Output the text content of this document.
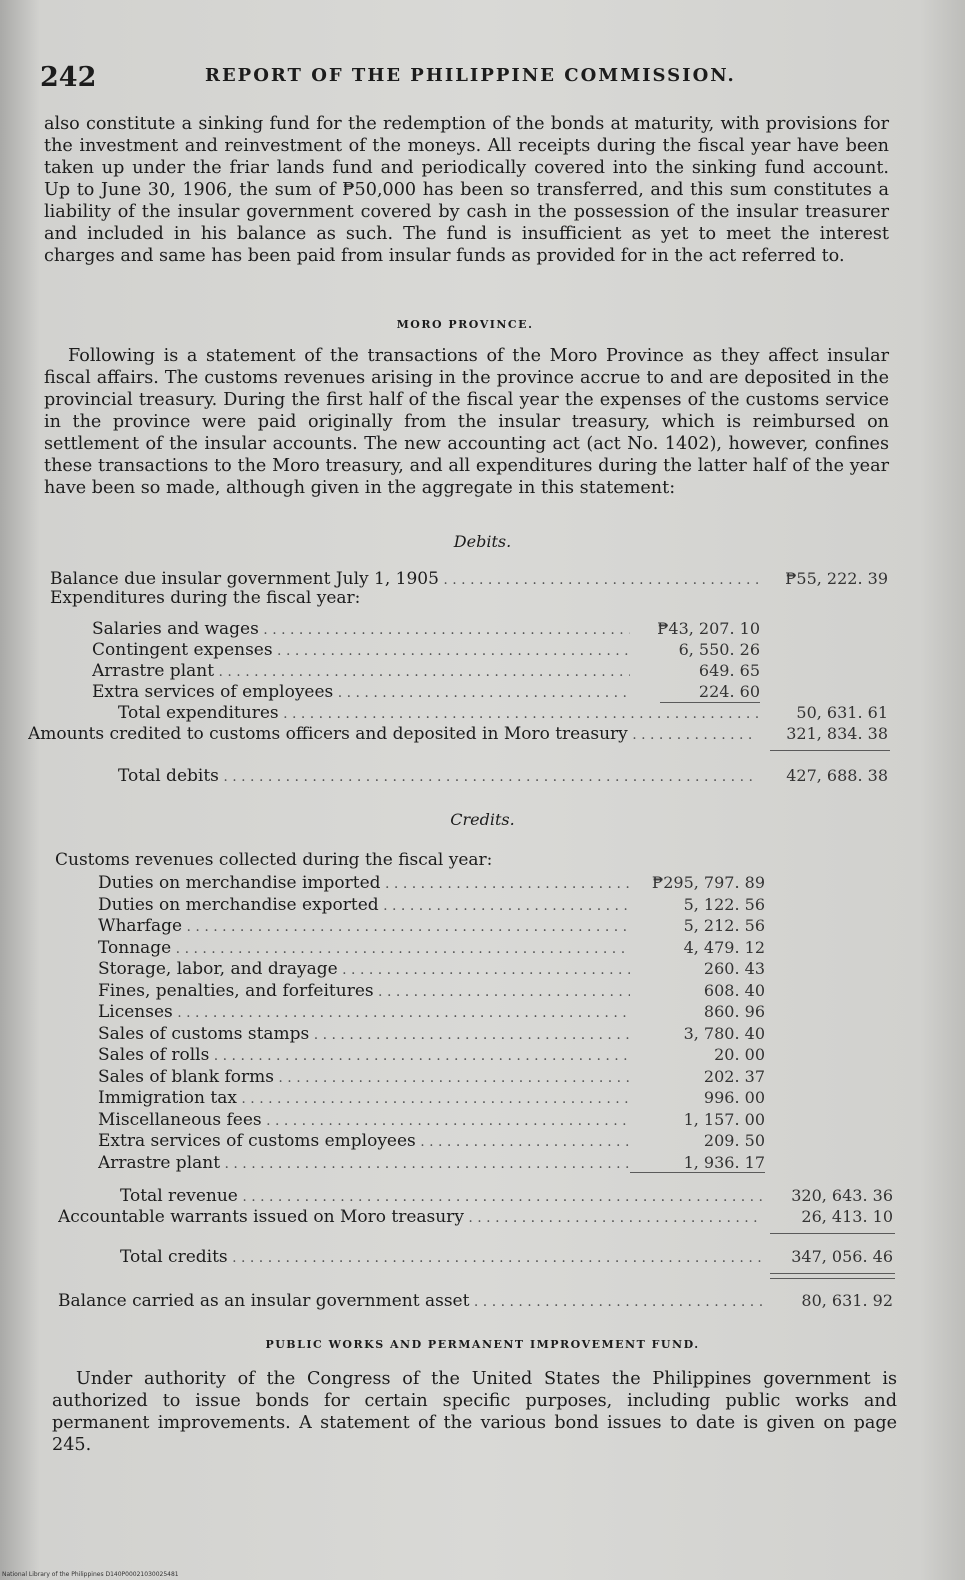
242	REPORT OF THE PHILIPPINE COMMISSION.

also constitute a sinking fund for the redemption of the bonds at maturity, with provisions for the investment and reinvestment of the moneys. All receipts during the fiscal year have been taken up under the friar lands fund and periodically covered into the sinking fund account. Up to June 30, 1906, the sum of ₱50,000 has been so transferred, and this sum constitutes a liability of the insular government covered by cash in the possession of the insular treasurer and included in his balance as such. The fund is insufficient as yet to meet the interest charges and same has been paid from insular funds as provided for in the act referred to.

MORO PROVINCE.

Following is a statement of the transactions of the Moro Province as they affect insular fiscal affairs. The customs revenues arising in the province accrue to and are deposited in the provincial treasury. During the first half of the fiscal year the expenses of the customs service in the province were paid originally from the insular treasury, which is reimbursed on settlement of the insular accounts. The new accounting act (act No. 1402), however, confines these transactions to the Moro treasury, and all expenditures during the latter half of the year have been so made, although given in the aggregate in this statement:

Debits.
Balance due insular government July 1, 1905 . . .	₱55, 222. 39
Expenditures during the fiscal year:
Salaries and wages . . .	₱43, 207. 10
Contingent expenses . . .	6, 550. 26
Arrastre plant . . .	649. 65
Extra services of employees . . .	224. 60
Total expenditures . . .	50, 631. 61
Amounts credited to customs officers and deposited in Moro treasury . . .	321, 834. 38
Total debits . . .	427, 688. 38
Credits.
Customs revenues collected during the fiscal year:
Duties on merchandise imported . . .	₱295, 797. 89
Duties on merchandise exported . . .	5, 122. 56
Wharfage . . .	5, 212. 56
Tonnage . . .	4, 479. 12
Storage, labor, and drayage . . .	260. 43
Fines, penalties, and forfeitures . . .	608. 40
Licenses . . .	860. 96
Sales of customs stamps . . .	3, 780. 40
Sales of rolls . . .	20. 00
Sales of blank forms . . .	202. 37
Immigration tax . . .	996. 00
Miscellaneous fees . . .	1, 157. 00
Extra services of customs employees . . .	209. 50
Arrastre plant . . .	1, 936. 17
Total revenue . . .	320, 643. 36
Accountable warrants issued on Moro treasury . . .	26, 413. 10
Total credits . . .	347, 056. 46
Balance carried as an insular government asset . . .	80, 631. 92
PUBLIC WORKS AND PERMANENT IMPROVEMENT FUND.

Under authority of the Congress of the United States the Philippines government is authorized to issue bonds for certain specific purposes, including public works and permanent improvements. A statement of the various bond issues to date is given on page 245.

National Library of the Philippines D140P00021030025481
